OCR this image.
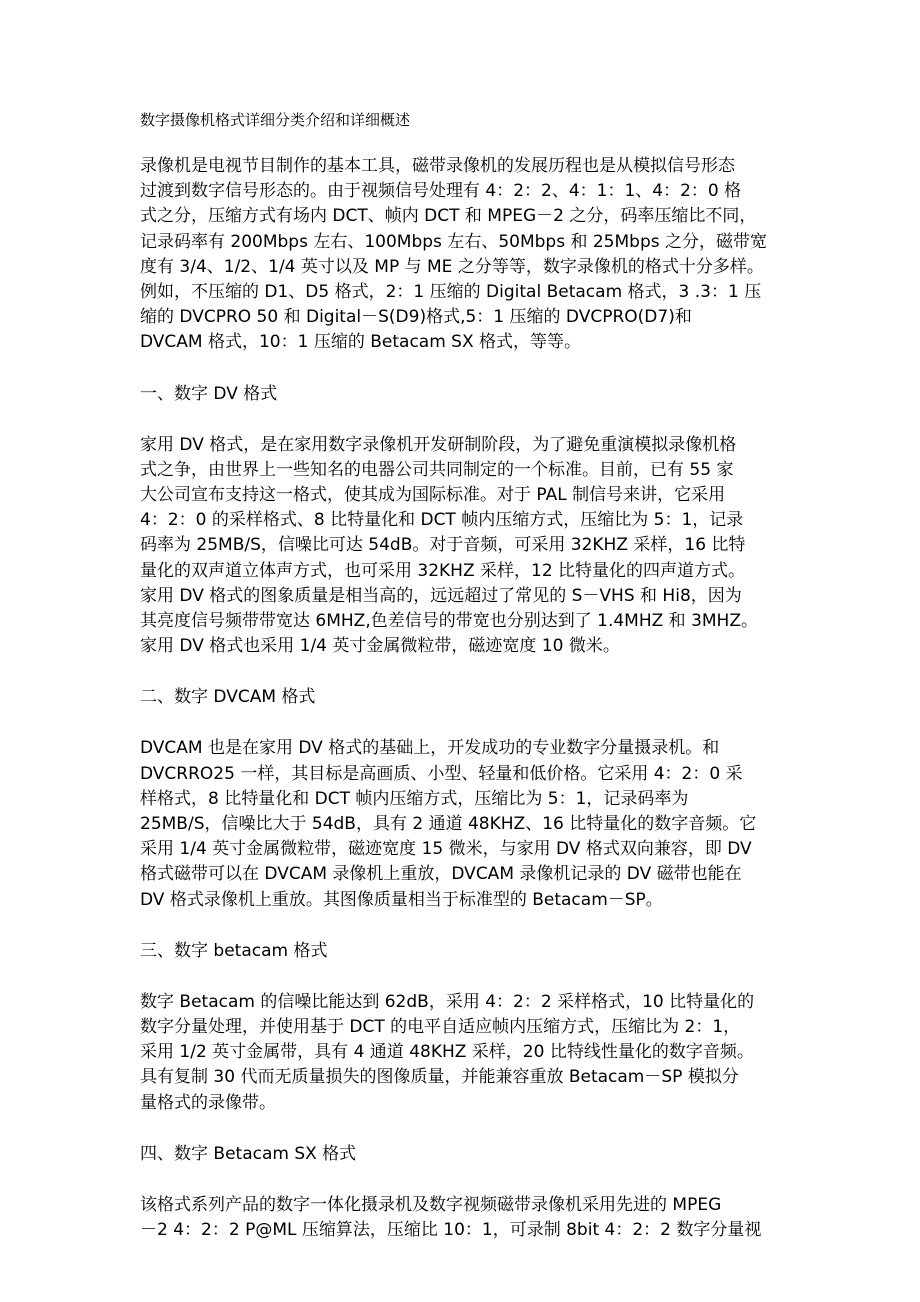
数字摄像机格式详细分类介绍和详细概述
录像机是电视节目制作的基本工具，磁带录像机的发展历程也是从模拟信号形态
过渡到数字信号形态的。由于视频信号处理有 4：2：2、4：1：1、4：2：0 格
式之分，压缩方式有场内 DCT、帧内 DCT 和 MPEG－2 之分，码率压缩比不同，
记录码率有 200Mbps 左右、100Mbps 左右、50Mbps 和 25Mbps 之分，磁带宽
度有 3/4、1/2、1/4 英寸以及 MP 与 ME 之分等等，数字录像机的格式十分多样。
例如，不压缩的 D1、D5 格式，2：1 压缩的 Digital Betacam 格式，3 .3：1 压
缩的 DVCPRO 50 和 Digital－S(D9)格式,5：1 压缩的 DVCPRO(D7)和
DVCAM 格式，10：1 压缩的 Betacam SX 格式，等等。
一、数字 DV 格式
家用 DV 格式，是在家用数字录像机开发研制阶段，为了避免重演模拟录像机格
式之争，由世界上一些知名的电器公司共同制定的一个标准。目前，已有 55 家
大公司宣布支持这一格式，使其成为国际标准。对于 PAL 制信号来讲，它采用
4：2：0 的采样格式、8 比特量化和 DCT 帧内压缩方式，压缩比为 5：1，记录
码率为 25MB/S，信噪比可达 54dB。对于音频，可采用 32KHZ 采样，16 比特
量化的双声道立体声方式，也可采用 32KHZ 采样，12 比特量化的四声道方式。
家用 DV 格式的图象质量是相当高的，远远超过了常见的 S－VHS 和 Hi8，因为
其亮度信号频带带宽达 6MHZ,色差信号的带宽也分别达到了 1.4MHZ 和 3MHZ。
家用 DV 格式也采用 1/4 英寸金属微粒带，磁迹宽度 10 微米。
二、数字 DVCAM 格式
DVCAM 也是在家用 DV 格式的基础上，开发成功的专业数字分量摄录机。和
DVCRRO25 一样，其目标是高画质、小型、轻量和低价格。它采用 4：2：0 采
样格式，8 比特量化和 DCT 帧内压缩方式，压缩比为 5：1，记录码率为
25MB/S，信噪比大于 54dB，具有 2 通道 48KHZ、16 比特量化的数字音频。它
采用 1/4 英寸金属微粒带，磁迹宽度 15 微米，与家用 DV 格式双向兼容，即 DV
格式磁带可以在 DVCAM 录像机上重放，DVCAM 录像机记录的 DV 磁带也能在
DV 格式录像机上重放。其图像质量相当于标准型的 Betacam－SP。
三、数字 betacam 格式
数字 Betacam 的信噪比能达到 62dB，采用 4：2：2 采样格式，10 比特量化的
数字分量处理，并使用基于 DCT 的电平自适应帧内压缩方式，压缩比为 2：1，
采用 1/2 英寸金属带，具有 4 通道 48KHZ 采样，20 比特线性量化的数字音频。
具有复制 30 代而无质量损失的图像质量，并能兼容重放 Betacam－SP 模拟分
量格式的录像带。
四、数字 Betacam SX 格式
该格式系列产品的数字一体化摄录机及数字视频磁带录像机采用先进的 MPEG
－2 4：2：2 P@ML 压缩算法，压缩比 10：1，可录制 8bit 4：2：2 数字分量视
